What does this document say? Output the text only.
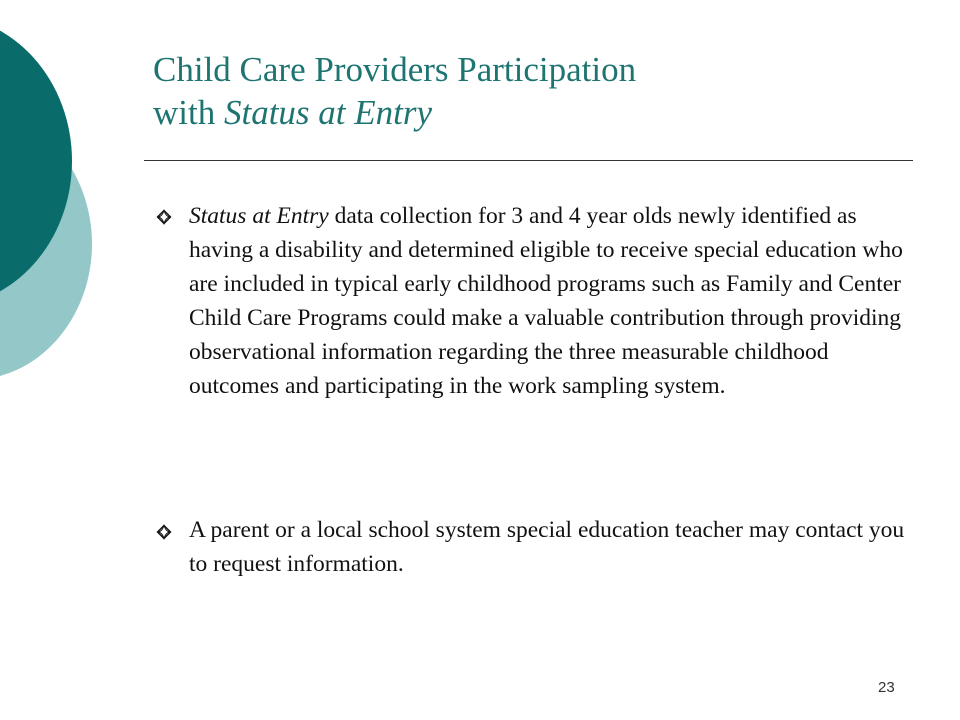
Child Care Providers Participation
with Status at Entry
Status at Entry data collection for 3 and 4 year olds newly identified as having a disability and determined eligible to receive special education who are included in typical early childhood programs such as Family and Center Child Care Programs could make a valuable contribution through providing observational information regarding the three measurable childhood outcomes and participating in the work sampling system.
A parent or a local school system special education teacher may contact you to request information.
23
